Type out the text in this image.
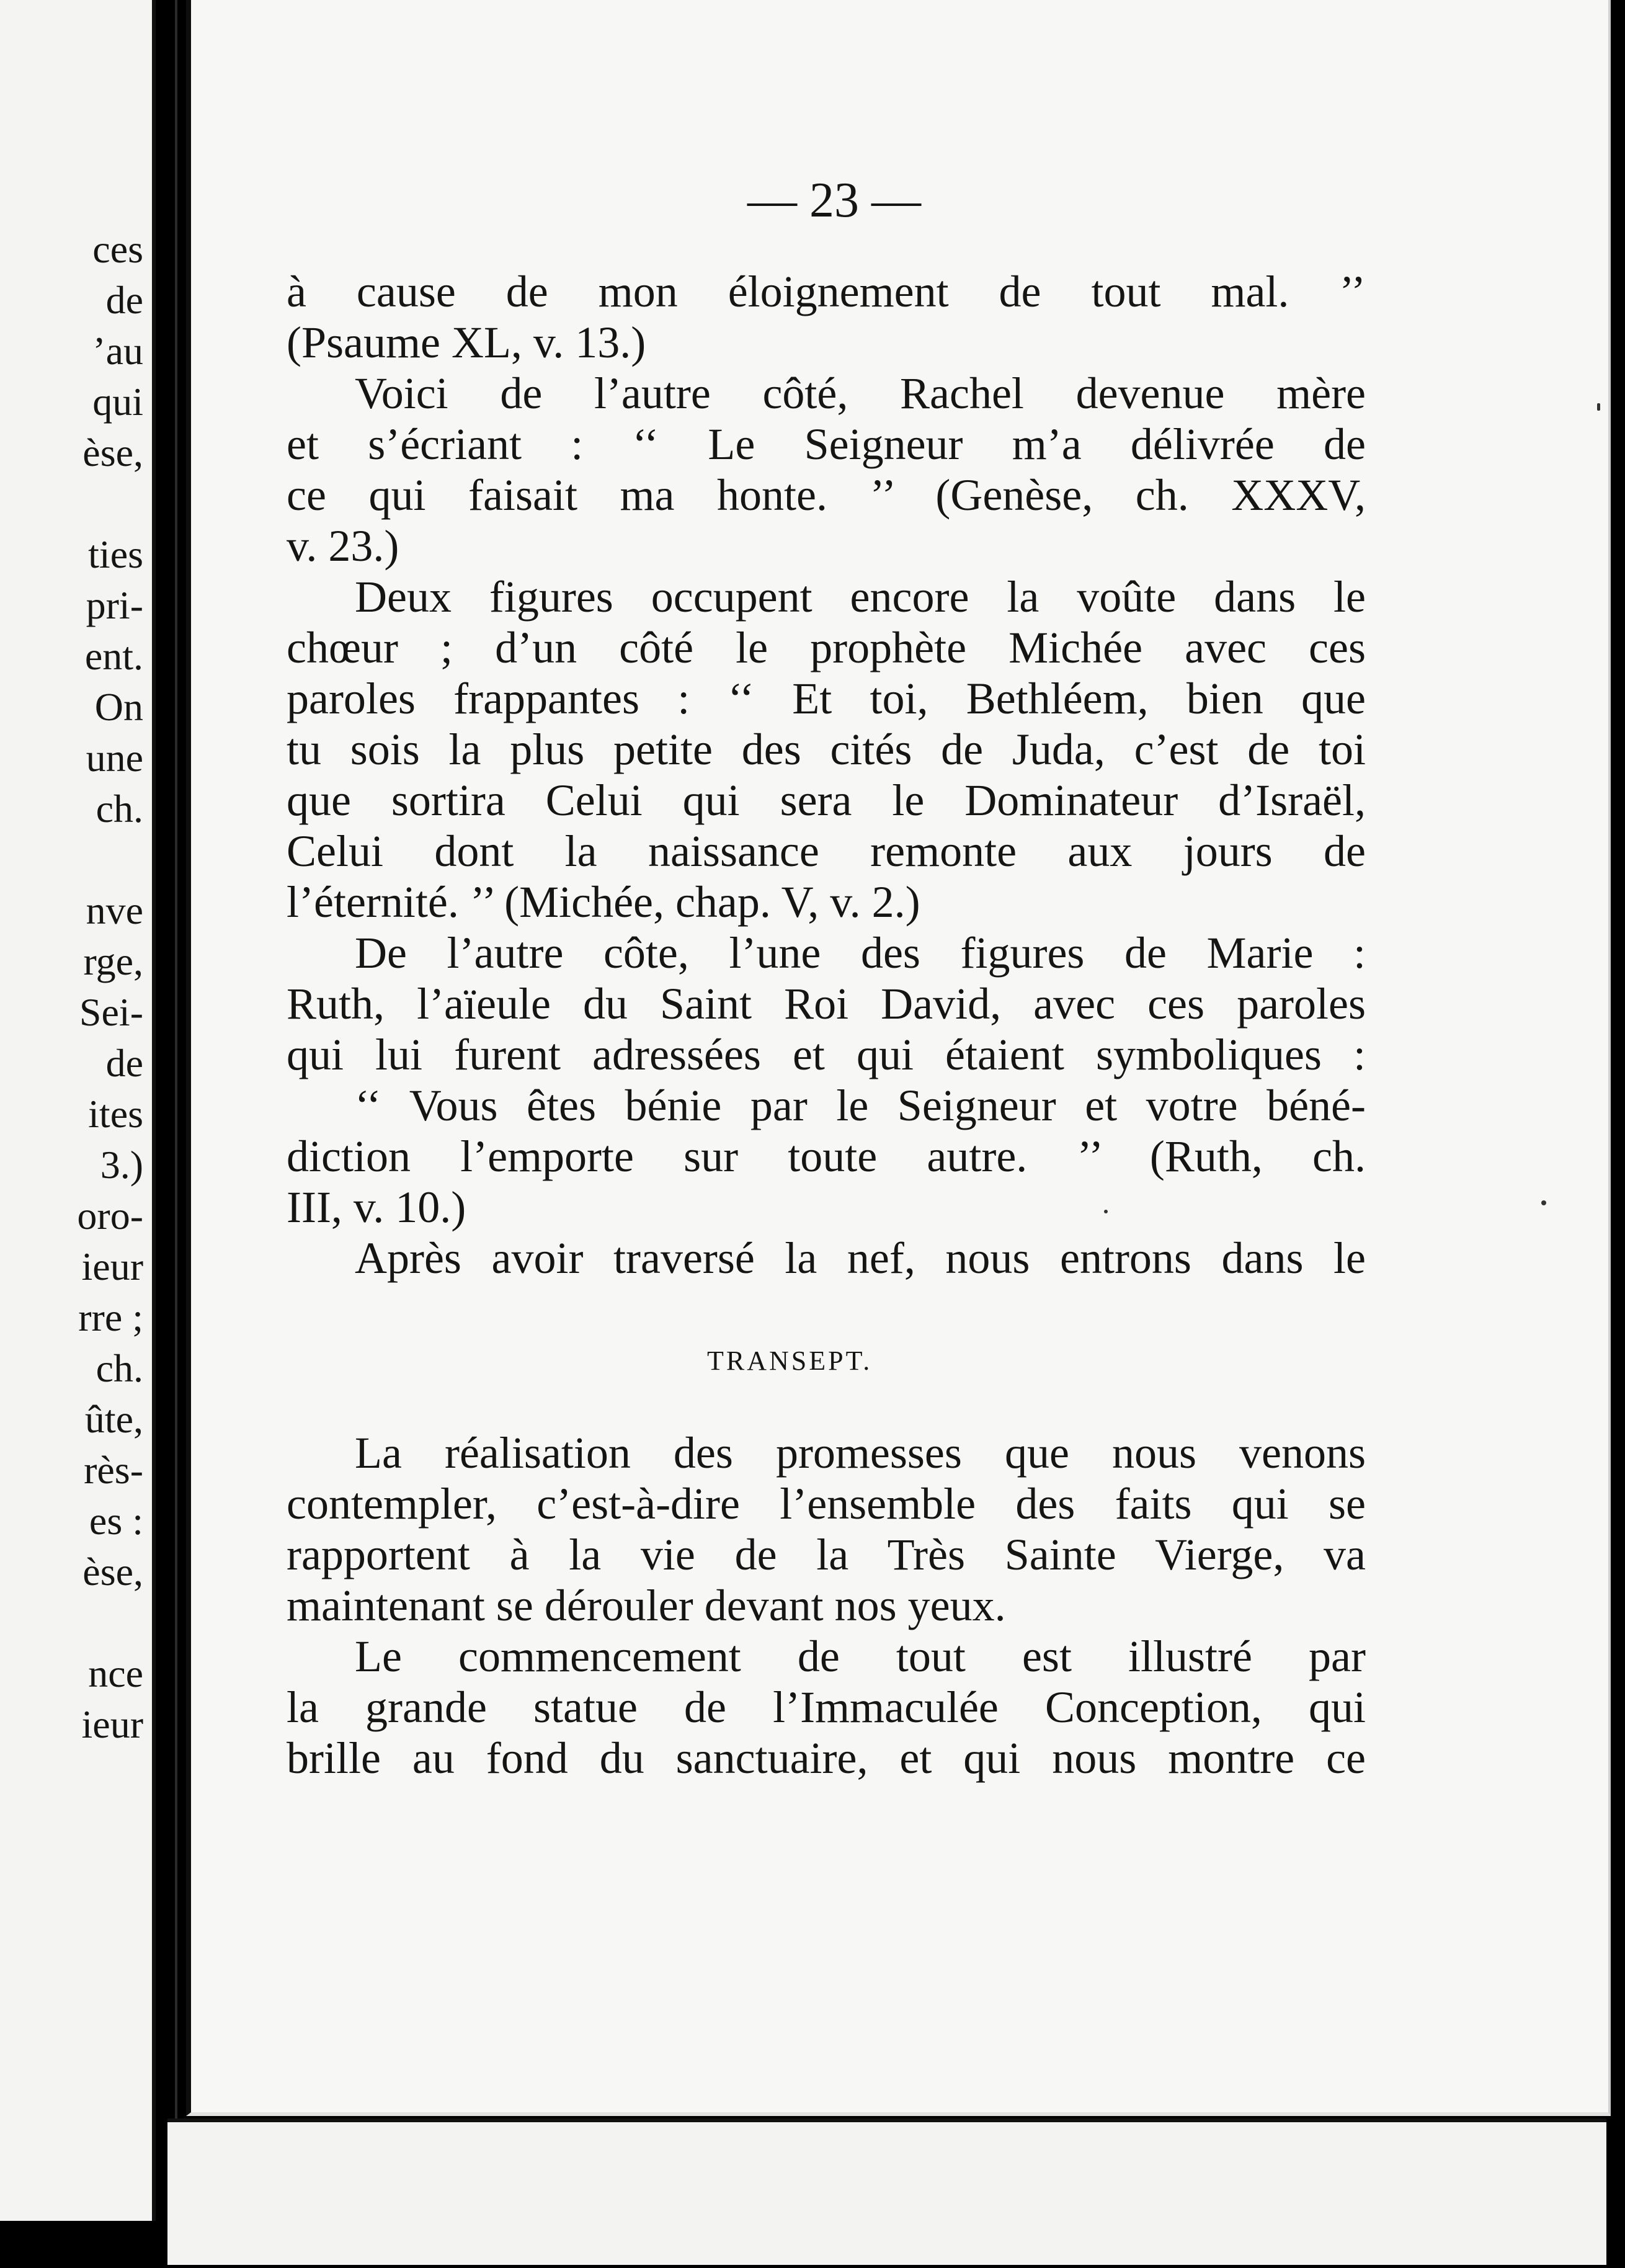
ces
de
’au
qui
èse,
ties
pri-
ent.
On
une
ch.
nve
rge,
Sei-
de
ites
3.)
oro-
ieur
rre ;
ch.
ûte,
rès-
es :
èse,
nce
ieur
— 23 —
à cause de mon éloignement de tout mal. ’’
(Psaume XL, v. 13.)
Voici de l’autre côté, Rachel devenue mère
et s’écriant : ‘‘ Le Seigneur m’a délivrée de
ce qui faisait ma honte. ’’ (Genèse, ch. XXXV,
v. 23.)
Deux figures occupent encore la voûte dans le
chœur ; d’un côté le prophète Michée avec ces
paroles frappantes : ‘‘ Et toi, Bethléem, bien que
tu sois la plus petite des cités de Juda, c’est de toi
que sortira Celui qui sera le Dominateur d’Israël,
Celui dont la naissance remonte aux jours de
l’éternité. ’’ (Michée, chap. V, v. 2.)
De l’autre côte, l’une des figures de Marie :
Ruth, l’aïeule du Saint Roi David, avec ces paroles
qui lui furent adressées et qui étaient symboliques :
‘‘ Vous êtes bénie par le Seigneur et votre béné-
diction l’emporte sur toute autre. ’’ (Ruth, ch.
III, v. 10.)
Après avoir traversé la nef, nous entrons dans le
La réalisation des promesses que nous venons
contempler, c’est-à-dire l’ensemble des faits qui se
rapportent à la vie de la Très Sainte Vierge, va
maintenant se dérouler devant nos yeux.
Le commencement de tout est illustré par
la grande statue de l’Immaculée Conception, qui
brille au fond du sanctuaire, et qui nous montre ce
TRANSEPT.
